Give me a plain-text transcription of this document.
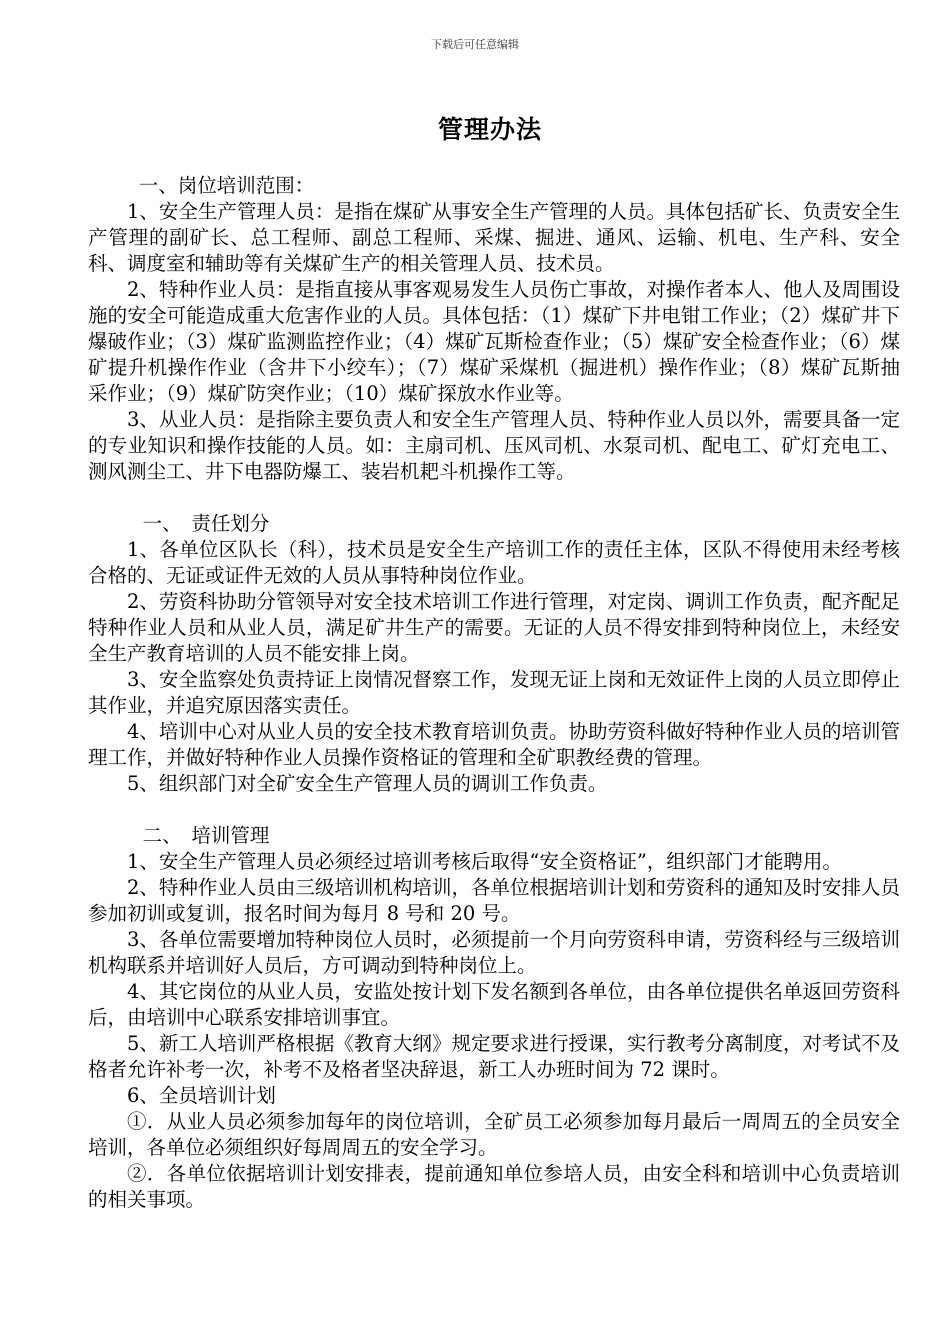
下载后可任意编辑
管理办法

一、岗位培训范围：

1、安全生产管理人员：是指在煤矿从事安全生产管理的人员。具体包括矿长、负责安全生产管理的副矿长、总工程师、副总工程师、采煤、掘进、通风、运输、机电、生产科、安全科、调度室和辅助等有关煤矿生产的相关管理人员、技术员。

2、特种作业人员：是指直接从事客观易发生人员伤亡事故，对操作者本人、他人及周围设施的安全可能造成重大危害作业的人员。具体包括：（1）煤矿下井电钳工作业；（2）煤矿井下爆破作业；（3）煤矿监测监控作业；（4）煤矿瓦斯检查作业；（5）煤矿安全检查作业；（6）煤矿提升机操作作业（含井下小绞车）；（7）煤矿采煤机（掘进机）操作作业；（8）煤矿瓦斯抽采作业；（9）煤矿防突作业；（10）煤矿探放水作业等。

3、从业人员：是指除主要负责人和安全生产管理人员、特种作业人员以外，需要具备一定的专业知识和操作技能的人员。如：主扇司机、压风司机、水泵司机、配电工、矿灯充电工、测风测尘工、井下电器防爆工、装岩机耙斗机操作工等。

一、　责任划分

1、各单位区队长（科），技术员是安全生产培训工作的责任主体，区队不得使用未经考核合格的、无证或证件无效的人员从事特种岗位作业。

2、劳资科协助分管领导对安全技术培训工作进行管理，对定岗、调训工作负责，配齐配足特种作业人员和从业人员，满足矿井生产的需要。无证的人员不得安排到特种岗位上，未经安全生产教育培训的人员不能安排上岗。

3、安全监察处负责持证上岗情况督察工作，发现无证上岗和无效证件上岗的人员立即停止其作业，并追究原因落实责任。

4、培训中心对从业人员的安全技术教育培训负责。协助劳资科做好特种作业人员的培训管理工作，并做好特种作业人员操作资格证的管理和全矿职教经费的管理。

5、组织部门对全矿安全生产管理人员的调训工作负责。

二、　培训管理

1、安全生产管理人员必须经过培训考核后取得“安全资格证”，组织部门才能聘用。

2、特种作业人员由三级培训机构培训，各单位根据培训计划和劳资科的通知及时安排人员参加初训或复训，报名时间为每月 8 号和 20 号。

3、各单位需要增加特种岗位人员时，必须提前一个月向劳资科申请，劳资科经与三级培训机构联系并培训好人员后，方可调动到特种岗位上。

4、其它岗位的从业人员，安监处按计划下发名额到各单位，由各单位提供名单返回劳资科后，由培训中心联系安排培训事宜。

5、新工人培训严格根据《教育大纲》规定要求进行授课，实行教考分离制度，对考试不及格者允许补考一次，补考不及格者坚决辞退，新工人办班时间为 72 课时。

6、全员培训计划

①．从业人员必须参加每年的岗位培训，全矿员工必须参加每月最后一周周五的全员安全培训，各单位必须组织好每周周五的安全学习。

②．各单位依据培训计划安排表，提前通知单位参培人员，由安全科和培训中心负责培训的相关事项。
